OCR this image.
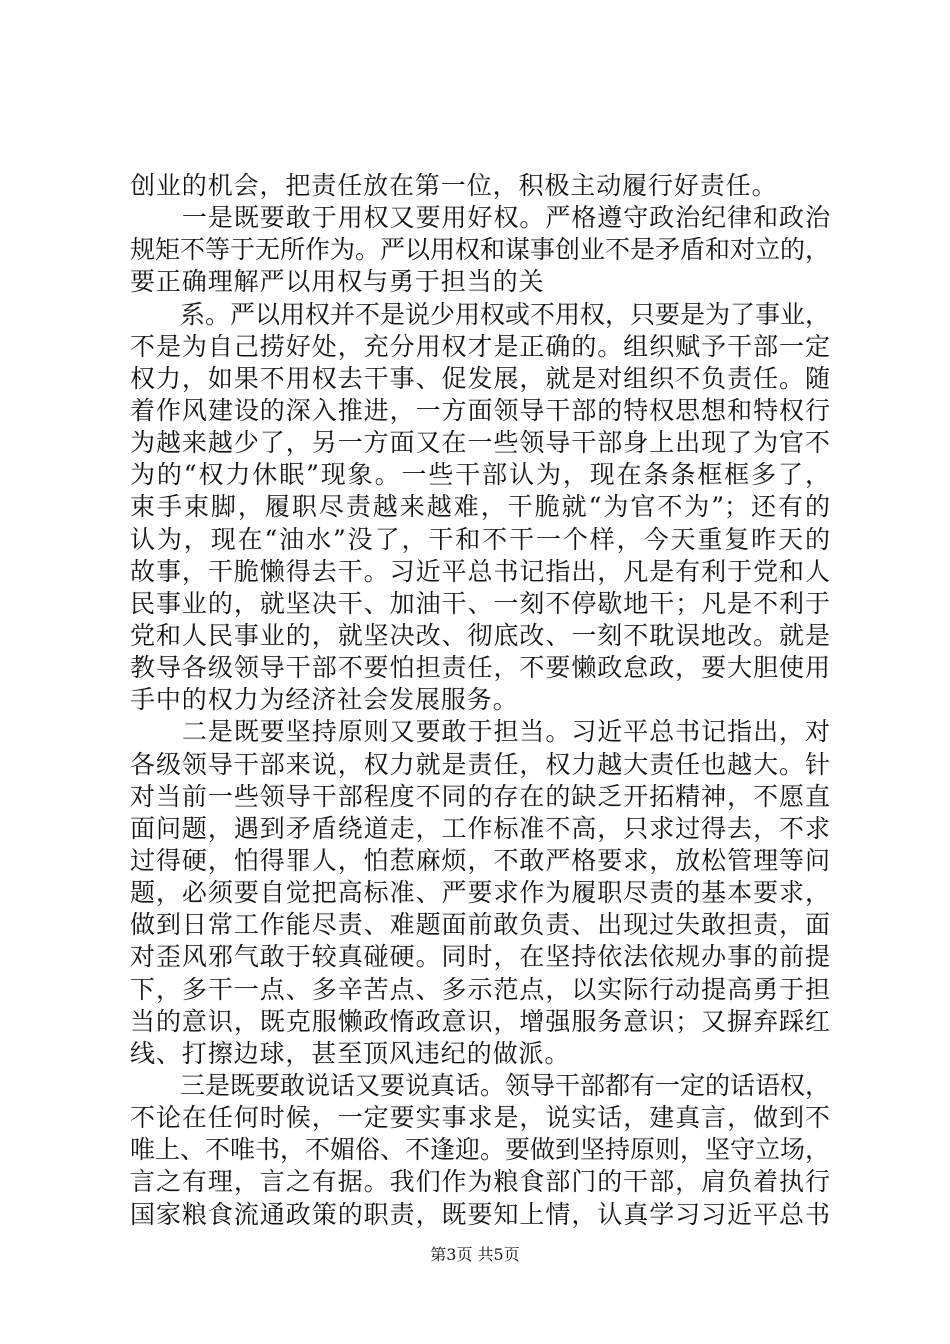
创业的机会，把责任放在第一位，积极主动履行好责任。
　　一是既要敢于用权又要用好权。严格遵守政治纪律和政治
规矩不等于无所作为。严以用权和谋事创业不是矛盾和对立的，
要正确理解严以用权与勇于担当的关
　　系。严以用权并不是说少用权或不用权，只要是为了事业，
不是为自己捞好处，充分用权才是正确的。组织赋予干部一定
权力，如果不用权去干事、促发展，就是对组织不负责任。随
着作风建设的深入推进，一方面领导干部的特权思想和特权行
为越来越少了，另一方面又在一些领导干部身上出现了为官不
为的“权力休眠”现象。一些干部认为，现在条条框框多了，
束手束脚，履职尽责越来越难，干脆就“为官不为”；还有的
认为，现在“油水”没了，干和不干一个样，今天重复昨天的
故事，干脆懒得去干。习近平总书记指出，凡是有利于党和人
民事业的，就坚决干、加油干、一刻不停歇地干；凡是不利于
党和人民事业的，就坚决改、彻底改、一刻不耽误地改。就是
教导各级领导干部不要怕担责任，不要懒政怠政，要大胆使用
手中的权力为经济社会发展服务。
　　二是既要坚持原则又要敢于担当。习近平总书记指出，对
各级领导干部来说，权力就是责任，权力越大责任也越大。针
对当前一些领导干部程度不同的存在的缺乏开拓精神，不愿直
面问题，遇到矛盾绕道走，工作标准不高，只求过得去，不求
过得硬，怕得罪人，怕惹麻烦，不敢严格要求，放松管理等问
题，必须要自觉把高标准、严要求作为履职尽责的基本要求，
做到日常工作能尽责、难题面前敢负责、出现过失敢担责，面
对歪风邪气敢于较真碰硬。同时，在坚持依法依规办事的前提
下，多干一点、多辛苦点、多示范点，以实际行动提高勇于担
当的意识，既克服懒政惰政意识，增强服务意识；又摒弃踩红
线、打擦边球，甚至顶风违纪的做派。
　　三是既要敢说话又要说真话。领导干部都有一定的话语权，
不论在任何时候，一定要实事求是，说实话，建真言，做到不
唯上、不唯书，不媚俗、不逢迎。要做到坚持原则，坚守立场，
言之有理，言之有据。我们作为粮食部门的干部，肩负着执行
国家粮食流通政策的职责，既要知上情，认真学习习近平总书
第3页 共5页
